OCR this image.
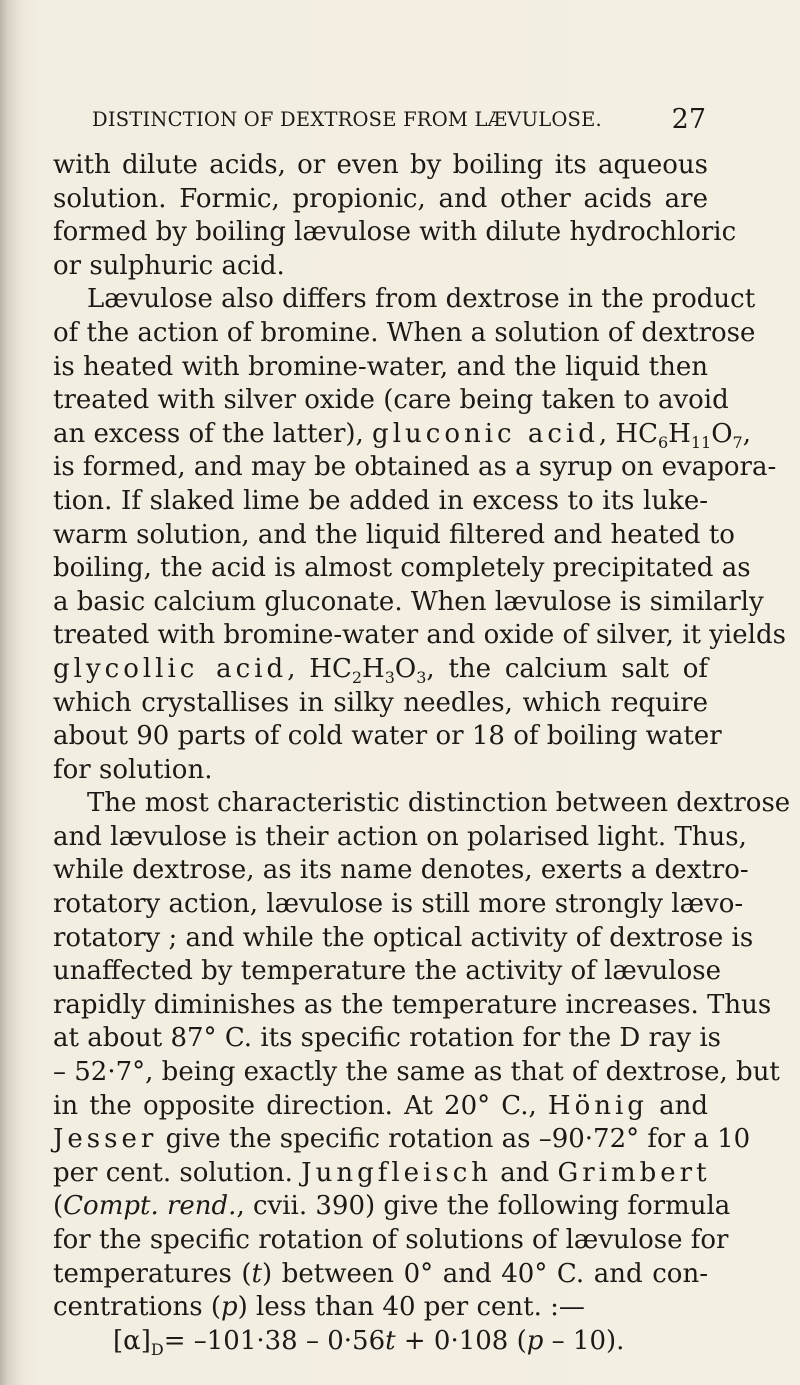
DISTINCTION OF DEXTROSE FROM LÆVULOSE.	27
with dilute acids, or even by boiling its aqueous
solution. Formic, propionic, and other acids are
formed by boiling lævulose with dilute hydrochloric
or sulphuric acid.
Lævulose also differs from dextrose in the product
of the action of bromine. When a solution of dextrose
is heated with bromine-water, and the liquid then
treated with silver oxide (care being taken to avoid
an excess of the latter), gluconic acid, $HC_6H_{11}O_7$,
is formed, and may be obtained as a syrup on evapora-
tion. If slaked lime be added in excess to its luke-
warm solution, and the liquid filtered and heated to
boiling, the acid is almost completely precipitated as
a basic calcium gluconate. When lævulose is similarly
treated with bromine-water and oxide of silver, it yields
glycollic acid, $HC_2H_3O_3$, the calcium salt of
which crystallises in silky needles, which require
about 90 parts of cold water or 18 of boiling water
for solution.
The most characteristic distinction between dextrose
and lævulose is their action on polarised light. Thus,
while dextrose, as its name denotes, exerts a dextro-
rotatory action, lævulose is still more strongly lævo-
rotatory ; and while the optical activity of dextrose is
unaffected by temperature the activity of lævulose
rapidly diminishes as the temperature increases. Thus
at about 87° C. its specific rotation for the D ray is
– 52·7°, being exactly the same as that of dextrose, but
in the opposite direction. At 20° C., Hönig and
Jesser give the specific rotation as –90·72° for a 10
per cent. solution. Jungfleisch and Grimbert
(Compt. rend., cvii. 390) give the following formula
for the specific rotation of solutions of lævulose for
temperatures (t) between 0° and 40° C. and con-
centrations (p) less than 40 per cent. :—
$[\alpha]_D= -101\cdot 38 - 0\cdot 56t + 0\cdot 108$ (p – 10).
